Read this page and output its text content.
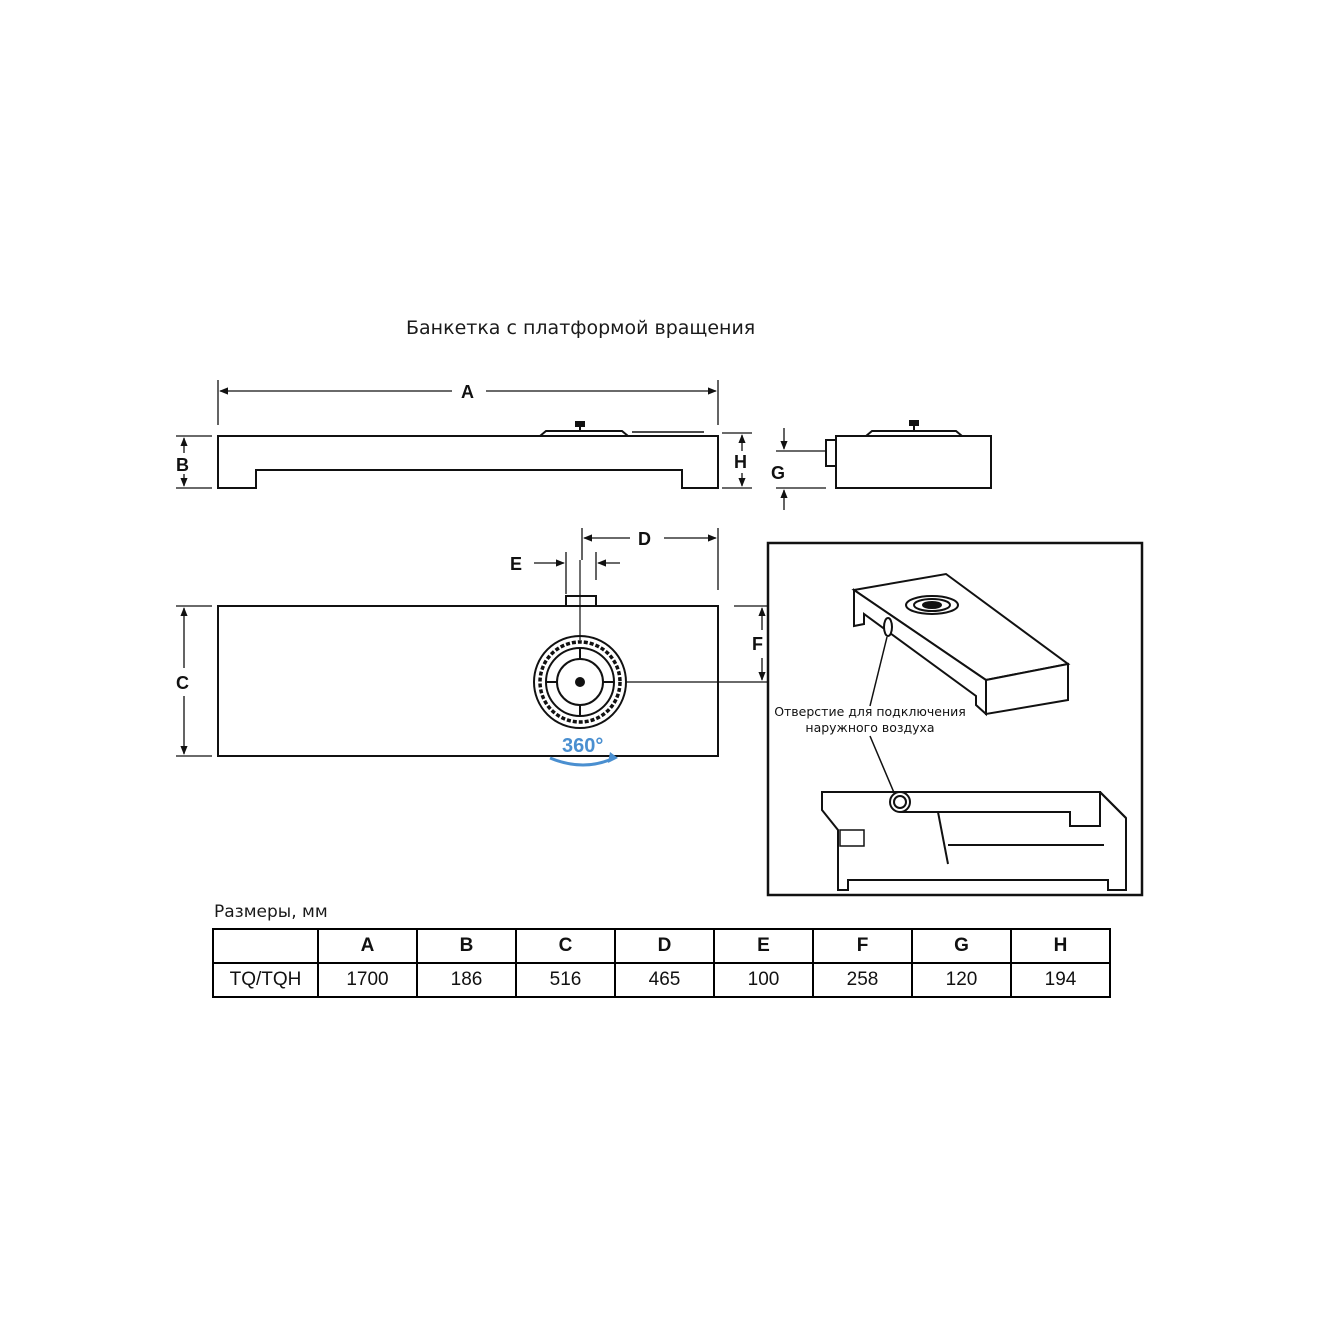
Банкетка с платформой вращения
A
B	H
G
C
D
E
F
360°
Отверстие для подключения
наружного воздуха
Размеры, мм
	A	B	C	D	E	F	G	H
TQ/TQH	1700	186	516	465	100	258	120	194
